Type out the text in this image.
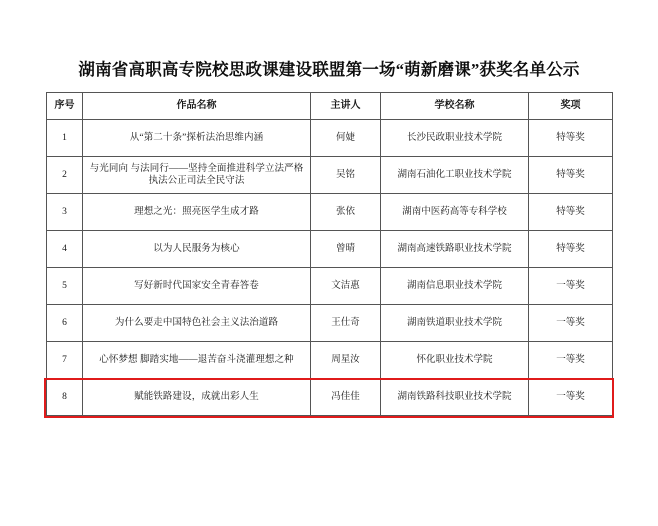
湖南省高职高专院校思政课建设联盟第一场“萌新磨课”获奖名单公示
序号	作品名称	主讲人	学校名称	奖项
1	从“第二十条”探析法治思维内涵	何婕	长沙民政职业技术学院	特等奖
2	与光同向 与法同行——坚持全面推进科学立法严格执法公正司法全民守法	吴铭	湖南石油化工职业技术学院	特等奖
3	理想之光：照亮医学生成才路	张依	湖南中医药高等专科学校	特等奖
4	以为人民服务为核心	曾晴	湖南高速铁路职业技术学院	特等奖
5	写好新时代国家安全青春答卷	文洁惠	湖南信息职业技术学院	一等奖
6	为什么要走中国特色社会主义法治道路	王仕奇	湖南铁道职业技术学院	一等奖
7	心怀梦想 脚踏实地——退苦奋斗浇灌理想之种	周星汝	怀化职业技术学院	一等奖
8	赋能铁路建设，成就出彩人生	冯佳佳	湖南铁路科技职业技术学院	一等奖
